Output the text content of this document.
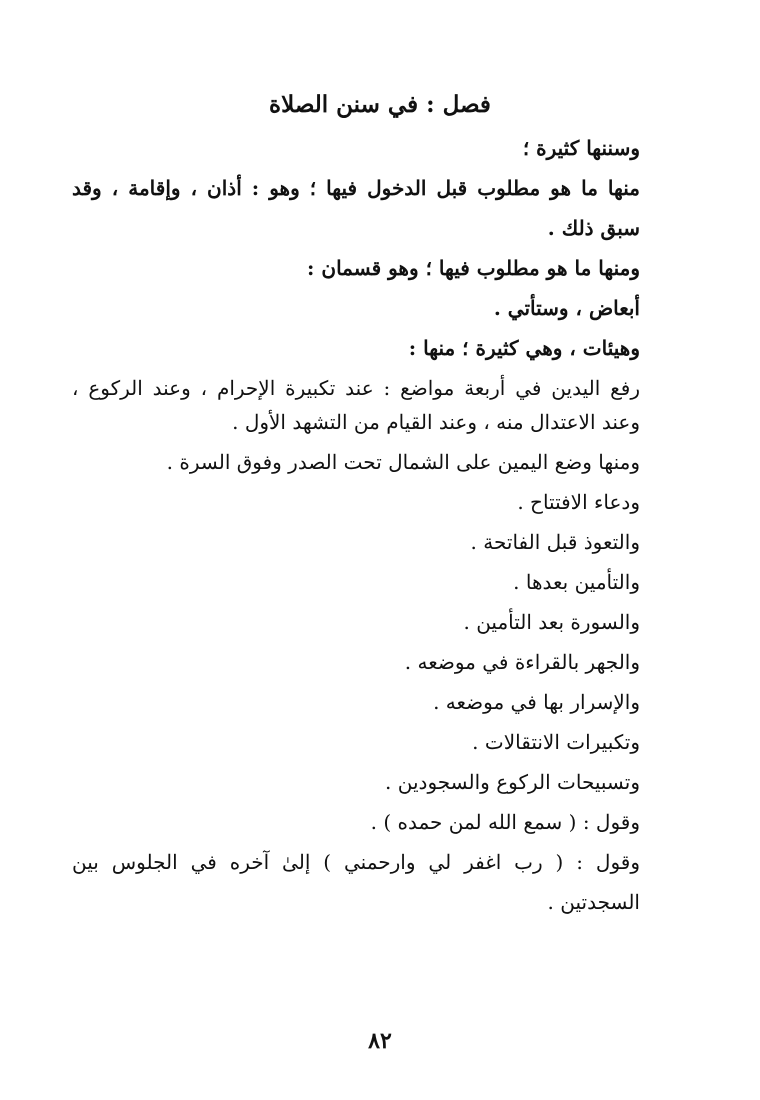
فصل : في سنن الصلاة

وسننها كثيرة ؛

منها ما هو مطلوب قبل الدخول فيها ؛ وهو : أذان ، وإقامة ، وقد سبق ذلك .

ومنها ما هو مطلوب فيها ؛ وهو قسمان :

أبعاض ، وستأتي .

وهيئات ، وهي كثيرة ؛ منها :

رفع اليدين في أربعة مواضع : عند تكبيرة الإحرام ، وعند الركوع ، وعند الاعتدال منه ، وعند القيام من التشهد الأول .

ومنها وضع اليمين على الشمال تحت الصدر وفوق السرة .

ودعاء الافتتاح .

والتعوذ قبل الفاتحة .

والتأمين بعدها .

والسورة بعد التأمين .

والجهر بالقراءة في موضعه .

والإسرار بها في موضعه .

وتكبيرات الانتقالات .

وتسبيحات الركوع والسجودين .

وقول : ( سمع الله لمن حمده ) .

وقول : ( رب اغفر لي وارحمني ) إلىٰ آخره في الجلوس بين السجدتين .

٨٢
